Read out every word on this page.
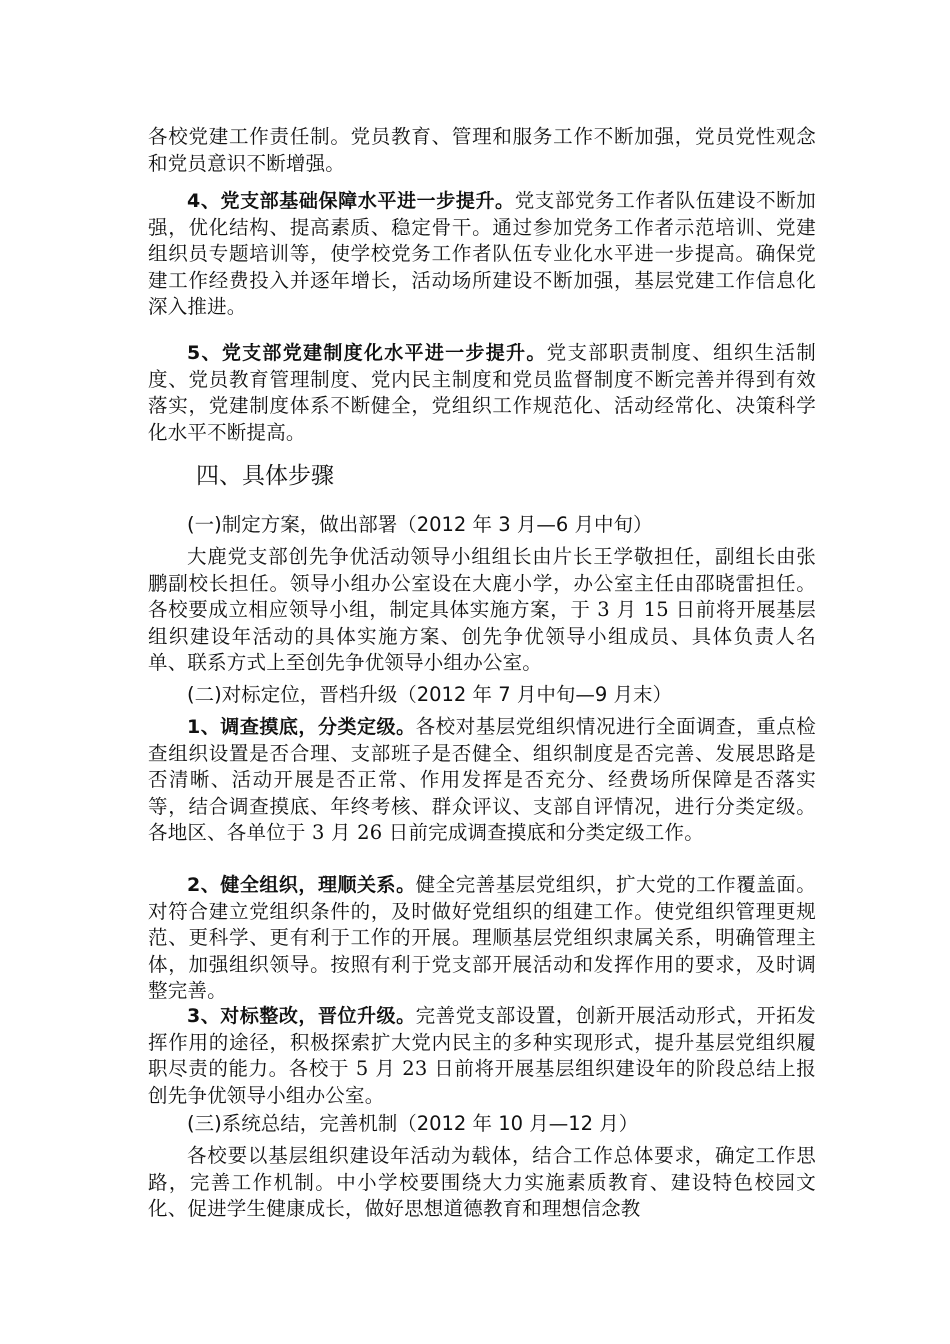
各校党建工作责任制。党员教育、管理和服务工作不断加强，党员党性观念和党员意识不断增强。

4、党支部基础保障水平进一步提升。党支部党务工作者队伍建设不断加强，优化结构、提高素质、稳定骨干。通过参加党务工作者示范培训、党建组织员专题培训等，使学校党务工作者队伍专业化水平进一步提高。确保党建工作经费投入并逐年增长，活动场所建设不断加强，基层党建工作信息化深入推进。

5、党支部党建制度化水平进一步提升。党支部职责制度、组织生活制度、党员教育管理制度、党内民主制度和党员监督制度不断完善并得到有效落实，党建制度体系不断健全，党组织工作规范化、活动经常化、决策科学化水平不断提高。

四、具体步骤
(一)制定方案，做出部署（2012 年 3 月—6 月中旬）

大鹿党支部创先争优活动领导小组组长由片长王学敬担任，副组长由张鹏副校长担任。领导小组办公室设在大鹿小学，办公室主任由邵晓雷担任。各校要成立相应领导小组，制定具体实施方案，于 3 月 15 日前将开展基层组织建设年活动的具体实施方案、创先争优领导小组成员、具体负责人名单、联系方式上至创先争优领导小组办公室。

(二)对标定位，晋档升级（2012 年 7 月中旬—9 月末）

1、调查摸底，分类定级。各校对基层党组织情况进行全面调查，重点检查组织设置是否合理、支部班子是否健全、组织制度是否完善、发展思路是否清晰、活动开展是否正常、作用发挥是否充分、经费场所保障是否落实等，结合调查摸底、年终考核、群众评议、支部自评情况，进行分类定级。各地区、各单位于 3 月 26 日前完成调查摸底和分类定级工作。

2、健全组织，理顺关系。健全完善基层党组织，扩大党的工作覆盖面。对符合建立党组织条件的，及时做好党组织的组建工作。使党组织管理更规范、更科学、更有利于工作的开展。理顺基层党组织隶属关系，明确管理主体，加强组织领导。按照有利于党支部开展活动和发挥作用的要求，及时调整完善。

3、对标整改，晋位升级。完善党支部设置，创新开展活动形式，开拓发挥作用的途径，积极探索扩大党内民主的多种实现形式，提升基层党组织履职尽责的能力。各校于 5 月 23 日前将开展基层组织建设年的阶段总结上报创先争优领导小组办公室。

(三)系统总结，完善机制（2012 年 10 月—12 月）

各校要以基层组织建设年活动为载体，结合工作总体要求，确定工作思路，完善工作机制。中小学校要围绕大力实施素质教育、建设特色校园文化、促进学生健康成长，做好思想道德教育和理想信念教
